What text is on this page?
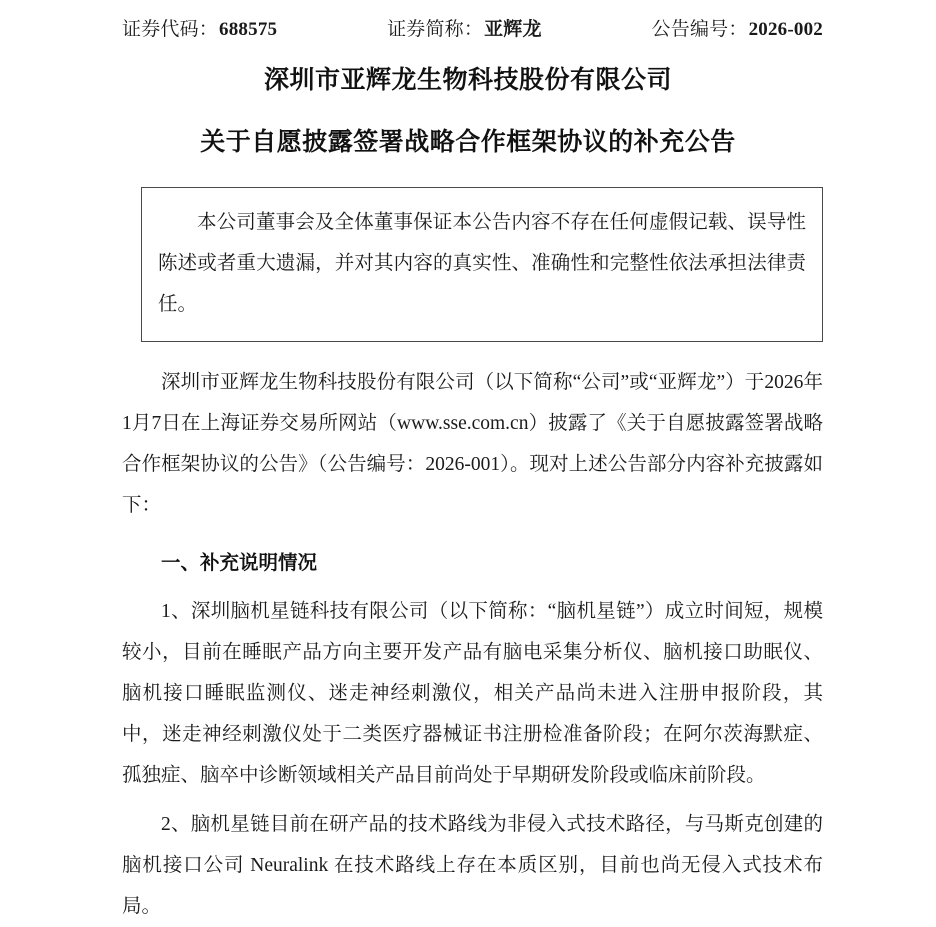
证券代码： 688575	证券简称： 亚辉龙	公告编号： 2026-002
深圳市亚辉龙生物科技股份有限公司
关于自愿披露签署战略合作框架协议的补充公告

本公司董事会及全体董事保证本公告内容不存在任何虚假记载、误导性陈述或者重大遗漏，并对其内容的真实性、准确性和完整性依法承担法律责任。

深圳市亚辉龙生物科技股份有限公司（以下简称“公司”或“亚辉龙”）于2026年1月7日在上海证券交易所网站（www.sse.com.cn）披露了《关于自愿披露签署战略合作框架协议的公告》（公告编号：2026-001）。现对上述公告部分内容补充披露如下：

一、补充说明情况

1、深圳脑机星链科技有限公司（以下简称：“脑机星链”）成立时间短，规模较小，目前在睡眠产品方向主要开发产品有脑电采集分析仪、脑机接口助眠仪、脑机接口睡眠监测仪、迷走神经刺激仪，相关产品尚未进入注册申报阶段，其中，迷走神经刺激仪处于二类医疗器械证书注册检准备阶段；在阿尔茨海默症、孤独症、脑卒中诊断领域相关产品目前尚处于早期研发阶段或临床前阶段。

2、脑机星链目前在研产品的技术路线为非侵入式技术路径，与马斯克创建的脑机接口公司 Neuralink 在技术路线上存在本质区别，目前也尚无侵入式技术布局。
